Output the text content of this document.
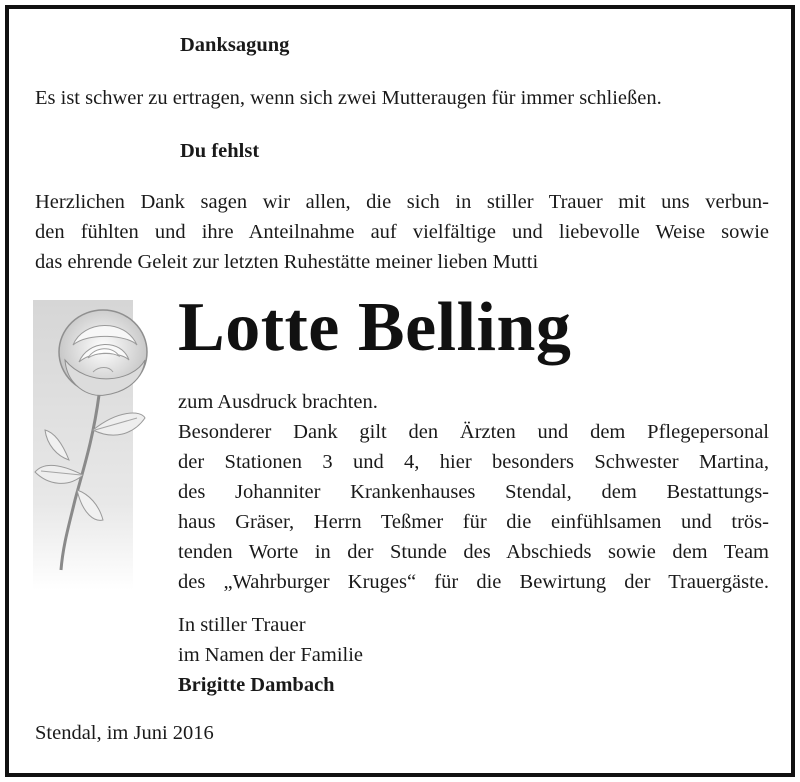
Danksagung
Es ist schwer zu ertragen, wenn sich zwei Mutteraugen für immer schließen.
Du fehlst
Herzlichen Dank sagen wir allen, die sich in stiller Trauer mit uns verbun-
den fühlten und ihre Anteilnahme auf vielfältige und liebevolle Weise sowie
das ehrende Geleit zur letzten Ruhestätte meiner lieben Mutti
Lotte Belling
zum Ausdruck brachten.
Besonderer Dank gilt den Ärzten und dem Pflegepersonal
der Stationen 3 und 4, hier besonders Schwester Martina,
des Johanniter Krankenhauses Stendal, dem Bestattungs-
haus Gräser, Herrn Teßmer für die einfühlsamen und trös-
tenden Worte in der Stunde des Abschieds sowie dem Team
des „Wahrburger Kruges“ für die Bewirtung der Trauergäste.
In stiller Trauer
im Namen der Familie
Brigitte Dambach
Stendal, im Juni 2016
